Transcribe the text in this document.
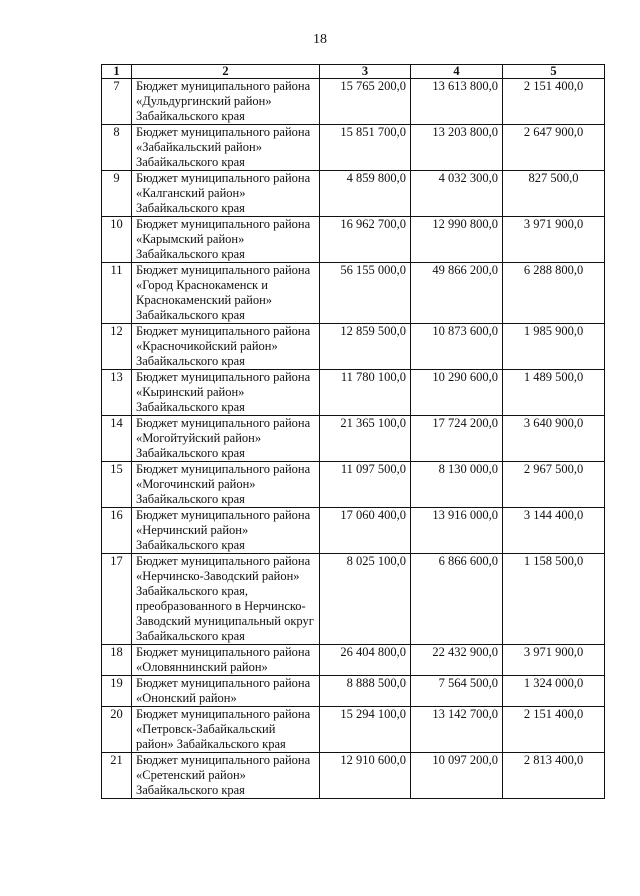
18
1	2	3	4	5
7	Бюджет муниципального района «Дульдургинский район» Забайкальского края	15 765 200,0	13 613 800,0	2 151 400,0
8	Бюджет муниципального района «Забайкальский район» Забайкальского края	15 851 700,0	13 203 800,0	2 647 900,0
9	Бюджет муниципального района «Калганский район» Забайкальского края	4 859 800,0	4 032 300,0	827 500,0
10	Бюджет муниципального района «Карымский район» Забайкальского края	16 962 700,0	12 990 800,0	3 971 900,0
11	Бюджет муниципального района «Город Краснокаменск и Краснокаменский район» Забайкальского края	56 155 000,0	49 866 200,0	6 288 800,0
12	Бюджет муниципального района «Красночикойский район» Забайкальского края	12 859 500,0	10 873 600,0	1 985 900,0
13	Бюджет муниципального района «Кыринский район» Забайкальского края	11 780 100,0	10 290 600,0	1 489 500,0
14	Бюджет муниципального района «Могойтуйский район» Забайкальского края	21 365 100,0	17 724 200,0	3 640 900,0
15	Бюджет муниципального района «Могочинский район» Забайкальского края	11 097 500,0	8 130 000,0	2 967 500,0
16	Бюджет муниципального района «Нерчинский район» Забайкальского края	17 060 400,0	13 916 000,0	3 144 400,0
17	Бюджет муниципального района «Нерчинско-Заводский район» Забайкальского края, преобразованного в Нерчинско-Заводский муниципальный округ Забайкальского края	8 025 100,0	6 866 600,0	1 158 500,0
18	Бюджет муниципального района «Оловяннинский район»	26 404 800,0	22 432 900,0	3 971 900,0
19	Бюджет муниципального района «Ононский район»	8 888 500,0	7 564 500,0	1 324 000,0
20	Бюджет муниципального района «Петровск-Забайкальский район» Забайкальского края	15 294 100,0	13 142 700,0	2 151 400,0
21	Бюджет муниципального района «Сретенский район» Забайкальского края	12 910 600,0	10 097 200,0	2 813 400,0
